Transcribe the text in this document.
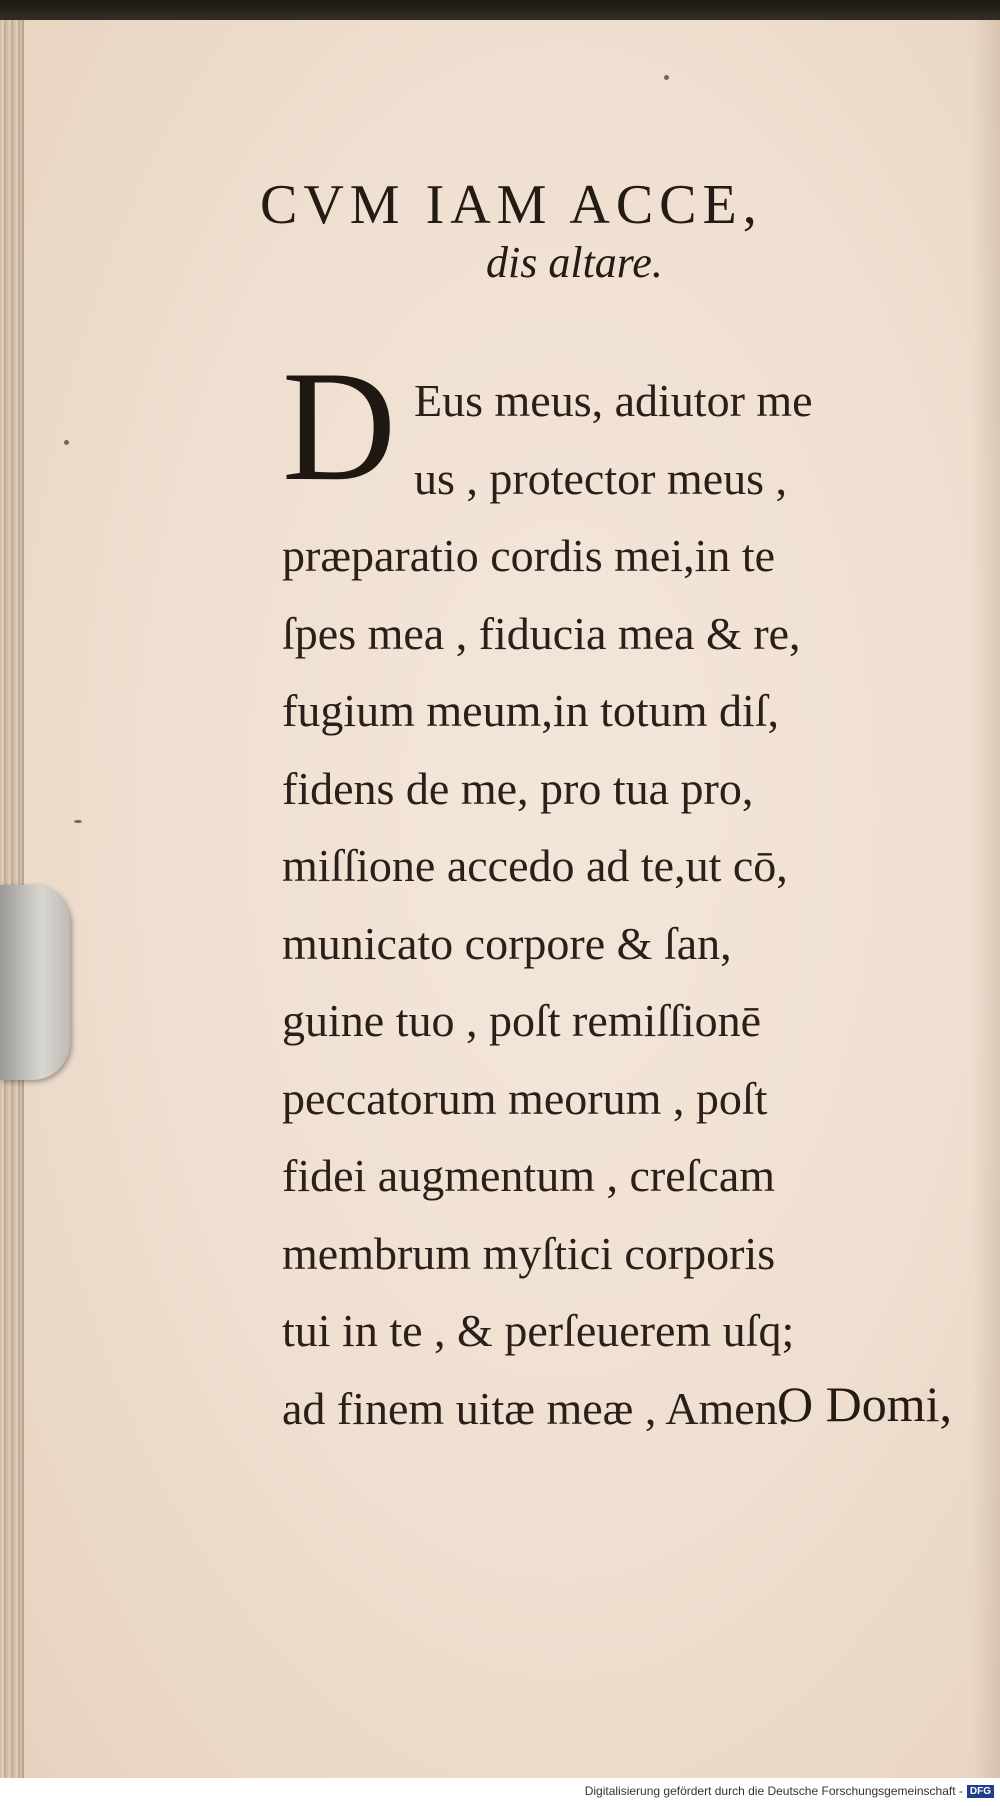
CVM IAM ACCE,
dis altare.
D Eus meus, adiutor me
us , protector meus ,
præparatio cordis mei,in te
ſpes mea , fiducia mea & re,
fugium meum,in totum diſ,
fidens de me, pro tua pro,
miſſione accedo ad te,ut cō,
municato corpore & ſan,
guine tuo , poſt remiſſionē
peccatorum meorum , poſt
fidei augmentum , creſcam
membrum myſtici corporis
tui in te , & perſeuerem uſq;
ad finem uitæ meæ , Amen.
O Domi,
Digitalisierung gefördert durch die Deutsche Forschungsgemeinschaft - DFG
